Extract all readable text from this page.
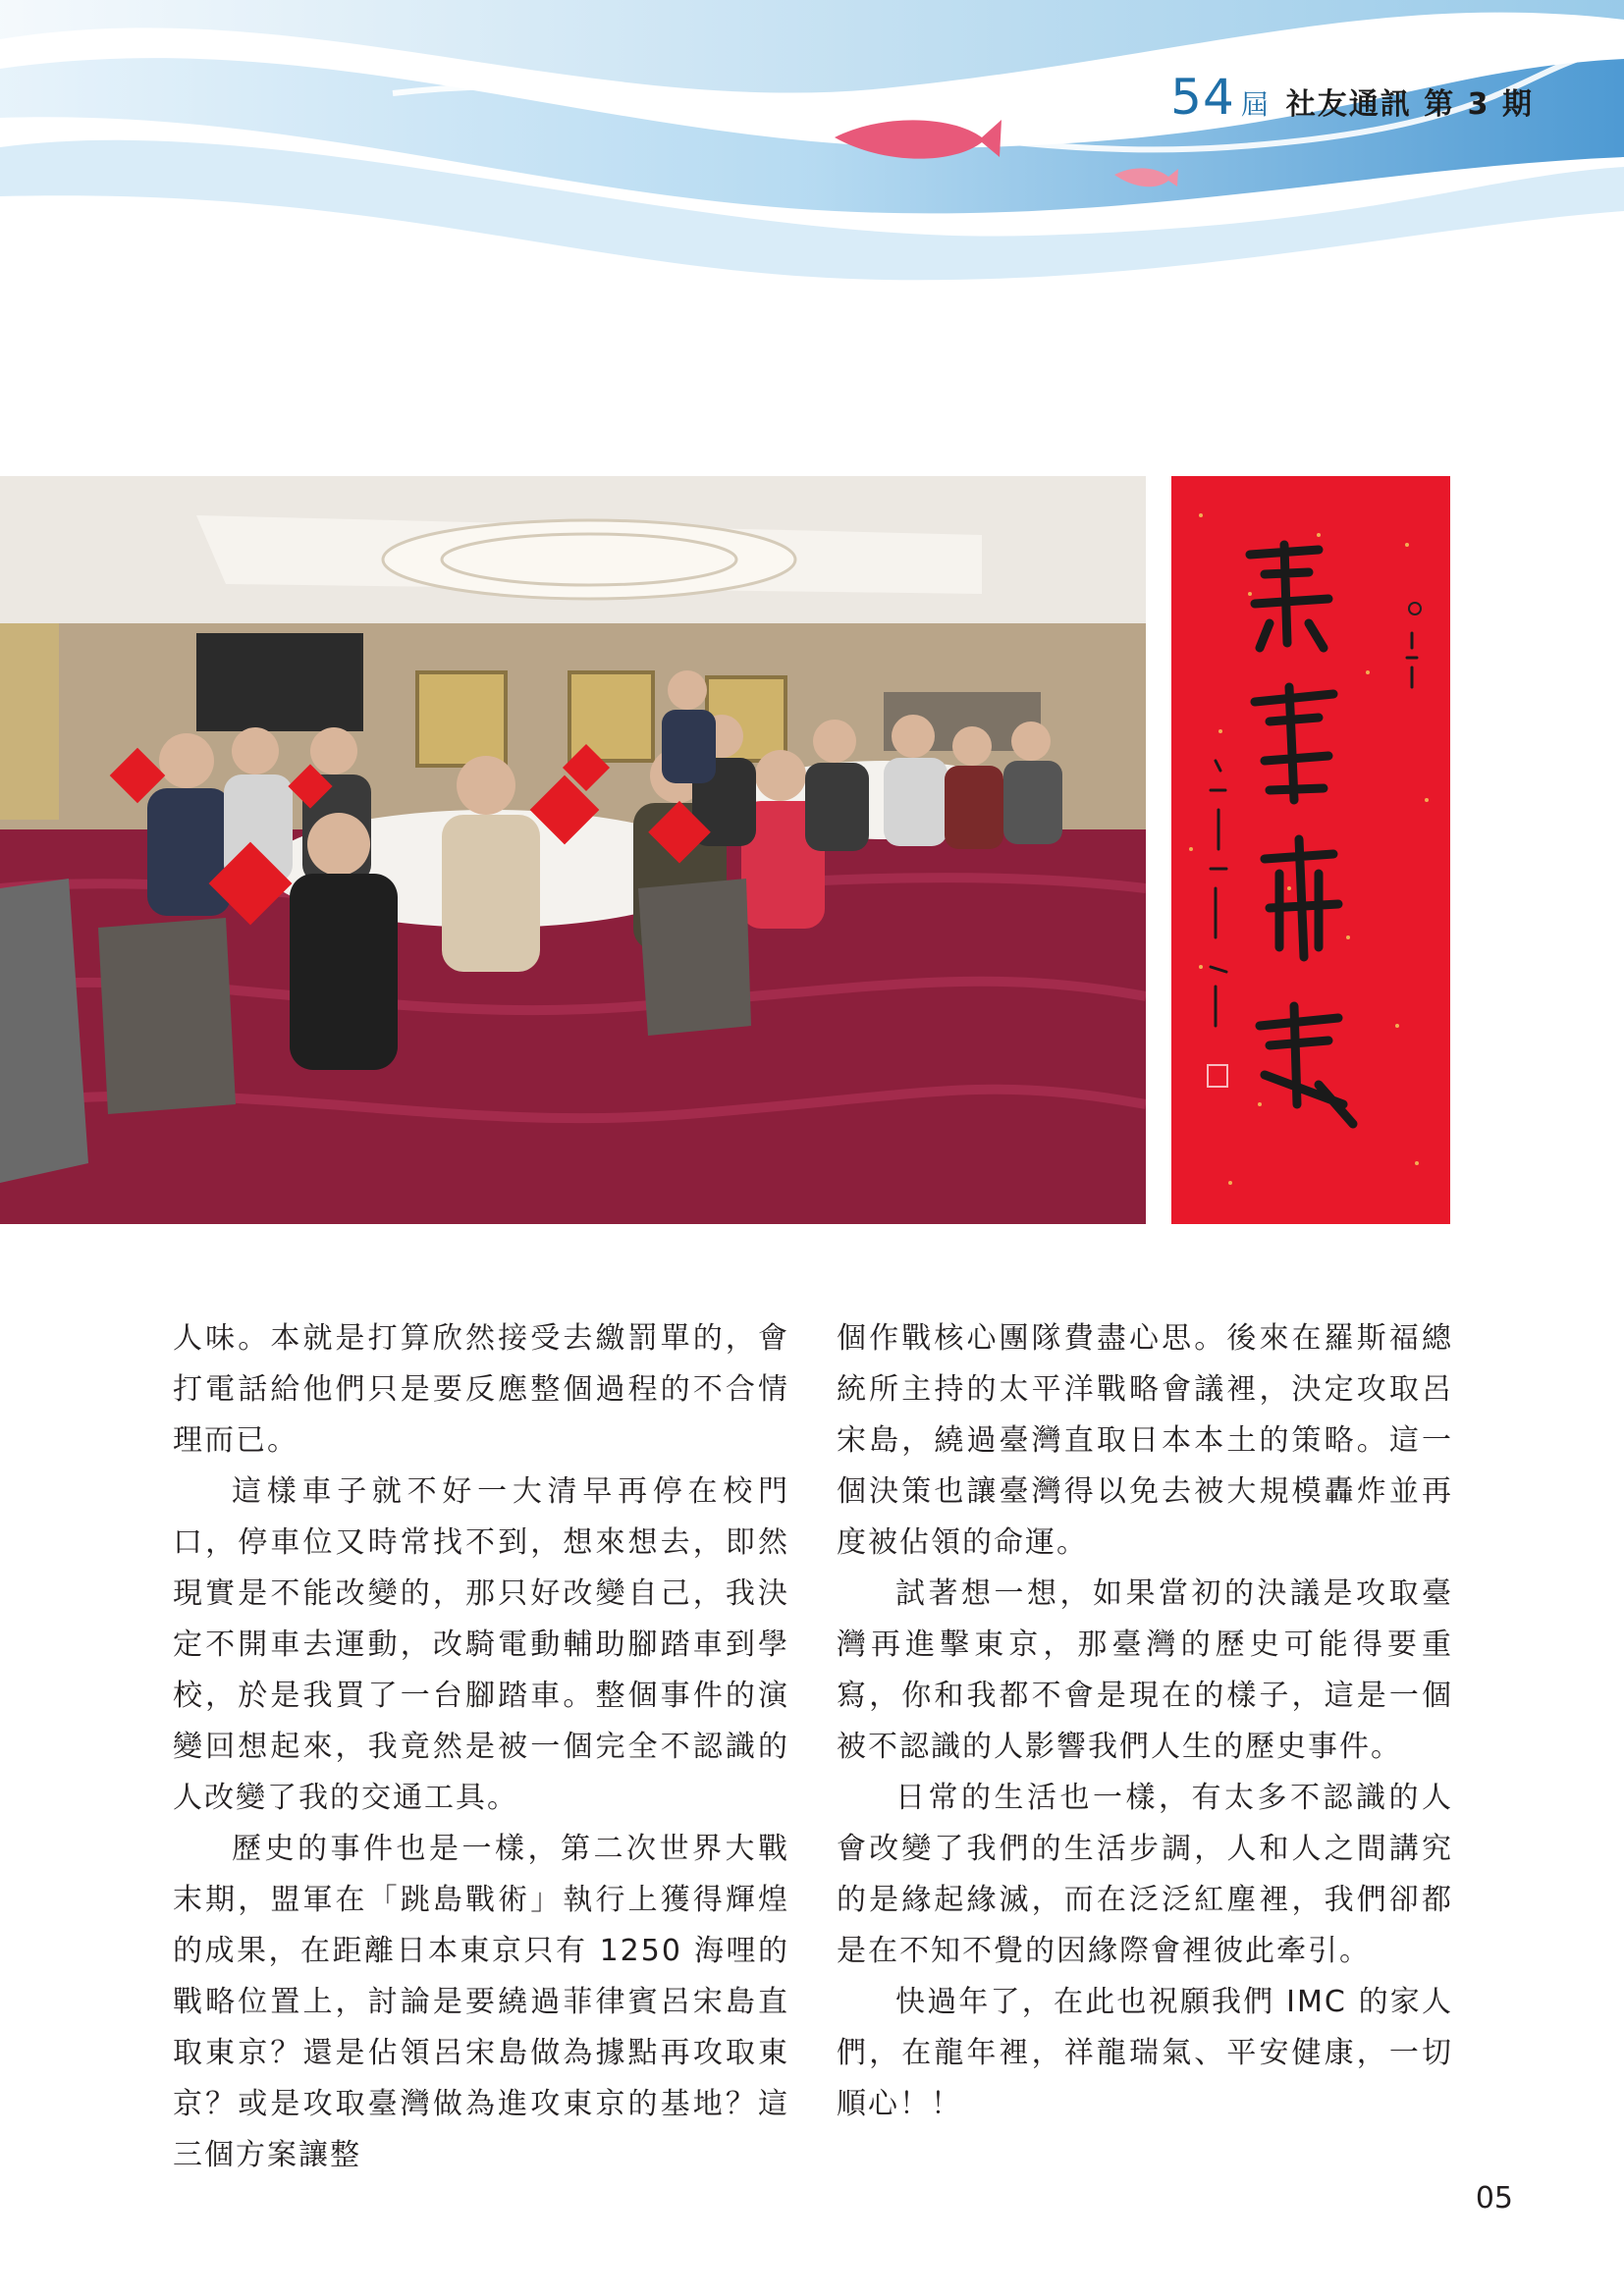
54 屆 社友通訊 第 3 期

人味。本就是打算欣然接受去繳罰單的，會打電話給他們只是要反應整個過程的不合情理而已。

這樣車子就不好一大清早再停在校門口，停車位又時常找不到，想來想去，即然現實是不能改變的，那只好改變自己，我決定不開車去運動，改騎電動輔助腳踏車到學校，於是我買了一台腳踏車。整個事件的演變回想起來，我竟然是被一個完全不認識的人改變了我的交通工具。

歷史的事件也是一樣，第二次世界大戰末期，盟軍在「跳島戰術」執行上獲得輝煌的成果，在距離日本東京只有 1250 海哩的戰略位置上，討論是要繞過菲律賓呂宋島直取東京？還是佔領呂宋島做為據點再攻取東京？或是攻取臺灣做為進攻東京的基地？這三個方案讓整

個作戰核心團隊費盡心思。後來在羅斯福總統所主持的太平洋戰略會議裡，決定攻取呂宋島，繞過臺灣直取日本本土的策略。這一個決策也讓臺灣得以免去被大規模轟炸並再度被佔領的命運。

試著想一想，如果當初的決議是攻取臺灣再進擊東京，那臺灣的歷史可能得要重寫，你和我都不會是現在的樣子，這是一個被不認識的人影響我們人生的歷史事件。

日常的生活也一樣，有太多不認識的人會改變了我們的生活步調，人和人之間講究的是緣起緣滅，而在泛泛紅塵裡，我們卻都是在不知不覺的因緣際會裡彼此牽引。

快過年了，在此也祝願我們 IMC 的家人們，在龍年裡，祥龍瑞氣、平安健康，一切順心！！

05
